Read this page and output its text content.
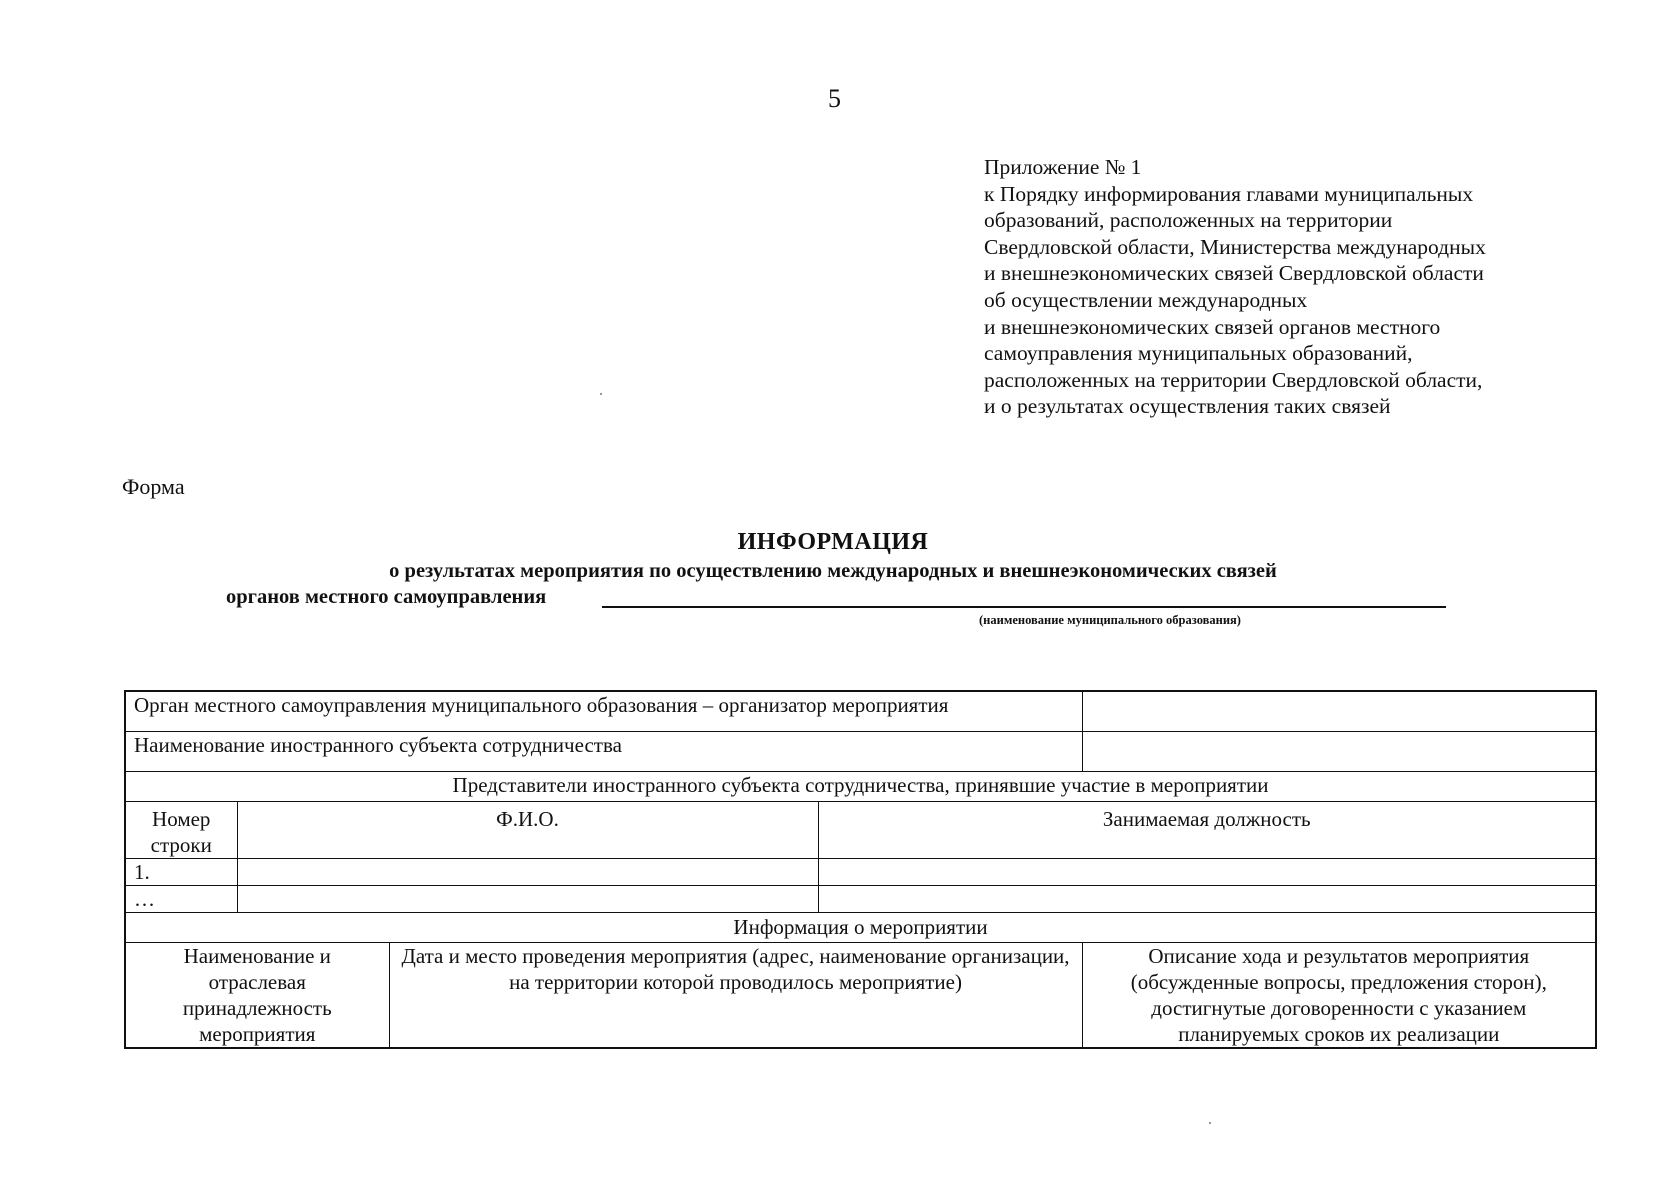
5
Приложение № 1
к Порядку информирования главами муниципальных
образований, расположенных на территории
Свердловской области, Министерства международных
и внешнеэкономических связей Свердловской области
об осуществлении международных
и внешнеэкономических связей органов местного
самоуправления муниципальных образований,
расположенных на территории Свердловской области,
и о результатах осуществления таких связей
Форма
ИНФОРМАЦИЯ
о результатах мероприятия по осуществлению международных и внешнеэкономических связей
органов местного самоуправления
(наименование муниципального образования)
Орган местного самоуправления муниципального образования – организатор мероприятия				
Наименование иностранного субъекта сотрудничества				
Представители иностранного субъекта сотрудничества, принявшие участие в мероприятии				
Номер строки	Ф.И.О.		Занимаемая должность	
1.				
…				
Информация о мероприятии				
Наименование и отраслевая принадлежность мероприятия		Дата и место проведения мероприятия (адрес, наименование организации, на территории которой проводилось мероприятие)		Описание хода и результатов мероприятия (обсужденные вопросы, предложения сторон), достигнутые договоренности с указанием планируемых сроков их реализации
